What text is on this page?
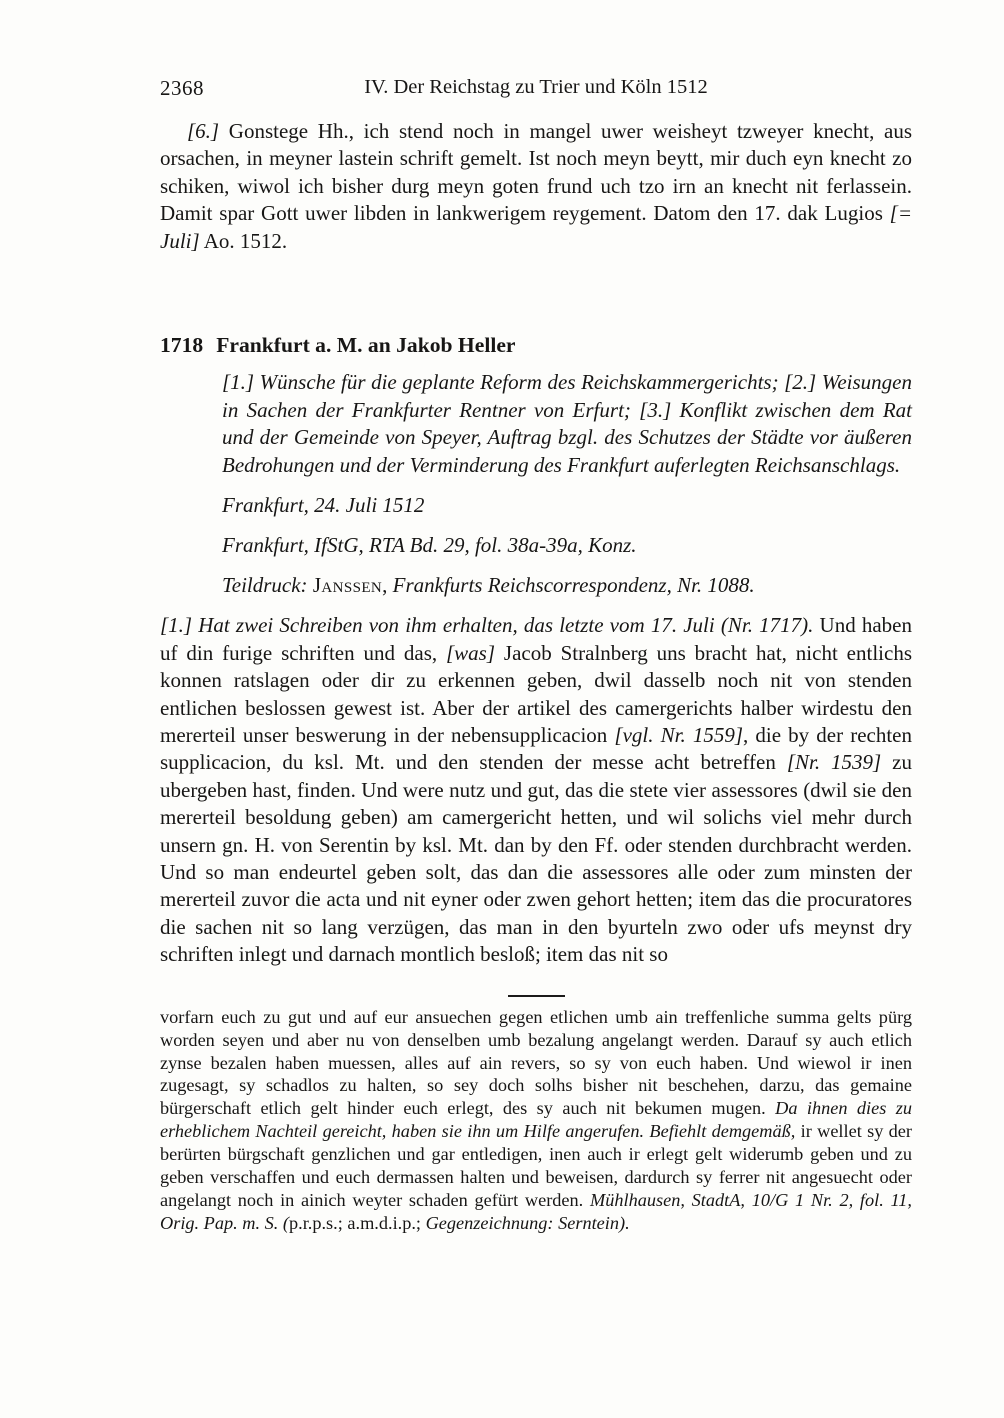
2368	IV. Der Reichstag zu Trier und Köln 1512

[6.] Gonstege Hh., ich stend noch in mangel uwer weisheyt tzweyer knecht, aus orsachen, in meyner lastein schrift gemelt. Ist noch meyn beytt, mir duch eyn knecht zo schiken, wiwol ich bisher durg meyn goten frund uch tzo irn an knecht nit ferlassein. Damit spar Gott uwer libden in lankwerigem reygement. Datom den 17. dak Lugios [= Juli] Ao. 1512.

1718 Frankfurt a. M. an Jakob Heller

[1.] Wünsche für die geplante Reform des Reichskammergerichts; [2.] Weisungen in Sachen der Frankfurter Rentner von Erfurt; [3.] Konflikt zwischen dem Rat und der Gemeinde von Speyer, Auftrag bzgl. des Schutzes der Städte vor äußeren Bedrohungen und der Verminderung des Frankfurt auferlegten Reichsanschlags.

Frankfurt, 24. Juli 1512

Frankfurt, IfStG, RTA Bd. 29, fol. 38a-39a, Konz.

Teildruck: Janssen, Frankfurts Reichscorrespondenz, Nr. 1088.

[1.] Hat zwei Schreiben von ihm erhalten, das letzte vom 17. Juli (Nr. 1717). Und haben uf din furige schriften und das, [was] Jacob Stralnberg uns bracht hat, nicht entlichs konnen ratslagen oder dir zu erkennen geben, dwil dasselb noch nit von stenden entlichen beslossen gewest ist. Aber der artikel des camergerichts halber wirdestu den mererteil unser beswerung in der nebensupplicacion [vgl. Nr. 1559], die by der rechten supplicacion, du ksl. Mt. und den stenden der messe acht betreffen [Nr. 1539] zu ubergeben hast, finden. Und were nutz und gut, das die stete vier assessores (dwil sie den mererteil besoldung geben) am camergericht hetten, und wil solichs viel mehr durch unsern gn. H. von Serentin by ksl. Mt. dan by den Ff. oder stenden durchbracht werden. Und so man endeurtel geben solt, das dan die assessores alle oder zum minsten der mererteil zuvor die acta und nit eyner oder zwen gehort hetten; item das die procuratores die sachen nit so lang verzügen, das man in den byurteln zwo oder ufs meynst dry schriften inlegt und darnach montlich besloß; item das nit so

vorfarn euch zu gut und auf eur ansuechen gegen etlichen umb ain treffenliche summa gelts pürg worden seyen und aber nu von denselben umb bezalung angelangt werden. Darauf sy auch etlich zynse bezalen haben muessen, alles auf ain revers, so sy von euch haben. Und wiewol ir inen zugesagt, sy schadlos zu halten, so sey doch solhs bisher nit beschehen, darzu, das gemaine bürgerschaft etlich gelt hinder euch erlegt, des sy auch nit bekumen mugen. Da ihnen dies zu erheblichem Nachteil gereicht, haben sie ihn um Hilfe angerufen. Befiehlt demgemäß, ir wellet sy der berürten bürgschaft genzlichen und gar entledigen, inen auch ir erlegt gelt widerumb geben und zu geben verschaffen und euch dermassen halten und beweisen, dardurch sy ferrer nit angesuecht oder angelangt noch in ainich weyter schaden gefürt werden. Mühlhausen, StadtA, 10/G 1 Nr. 2, fol. 11, Orig. Pap. m. S. (p.r.p.s.; a.m.d.i.p.; Gegenzeichnung: Serntein).
